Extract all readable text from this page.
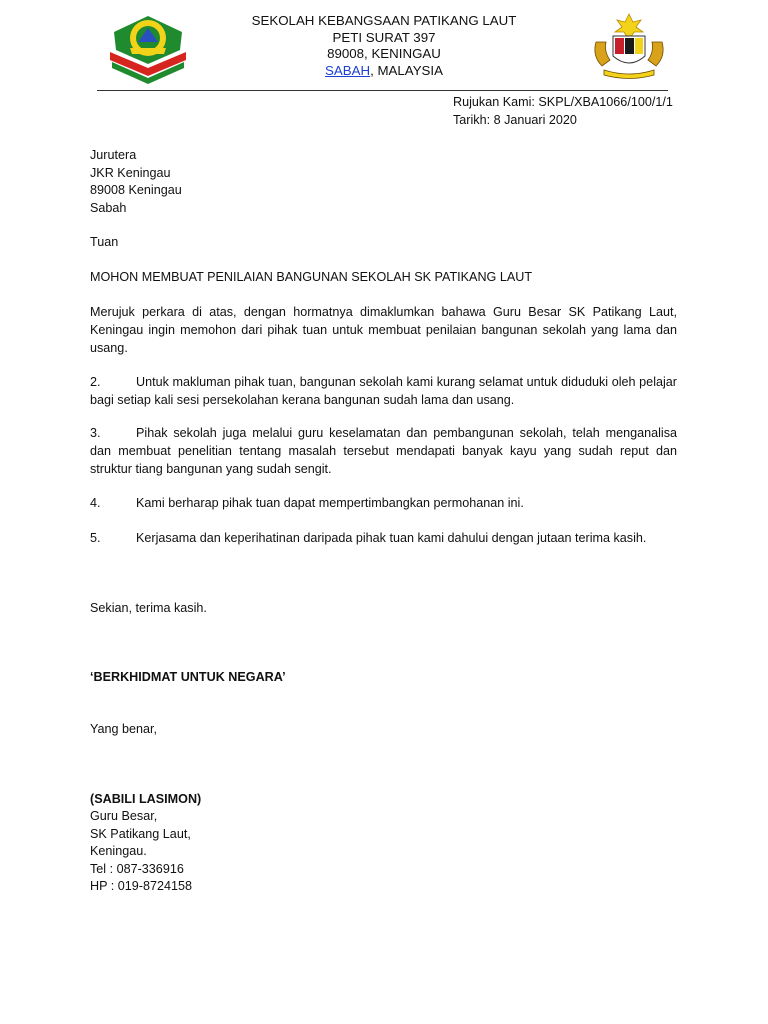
SEKOLAH KEBANGSAAN PATIKANG LAUT
PETI SURAT 397
89008, KENINGAU
SABAH, MALAYSIA
Rujukan Kami: SKPL/XBA1066/100/1/1
Tarikh: 8 Januari 2020
Jurutera
JKR Keningau
89008 Keningau
Sabah
Tuan
MOHON MEMBUAT PENILAIAN BANGUNAN SEKOLAH SK PATIKANG LAUT
Merujuk perkara di atas, dengan hormatnya dimaklumkan bahawa Guru Besar SK Patikang Laut, Keningau ingin memohon dari pihak tuan untuk membuat penilaian bangunan sekolah yang lama dan usang.
2.	Untuk makluman pihak tuan, bangunan sekolah kami kurang selamat untuk diduduki oleh pelajar bagi setiap kali sesi persekolahan kerana bangunan sudah lama dan usang.
3.	Pihak sekolah juga melalui guru keselamatan dan pembangunan sekolah, telah menganalisa dan membuat penelitian tentang masalah tersebut mendapati banyak kayu yang sudah reput dan struktur tiang bangunan yang sudah sengit.
4.	Kami berharap pihak tuan dapat mempertimbangkan permohanan ini.
5.	Kerjasama dan keperihatinan daripada pihak tuan kami dahului dengan jutaan terima kasih.
Sekian, terima kasih.
‘BERKHIDMAT UNTUK NEGARA’
Yang benar,
(SABILI LASIMON)
Guru Besar,
SK Patikang Laut,
Keningau.
Tel : 087-336916
HP : 019-8724158
